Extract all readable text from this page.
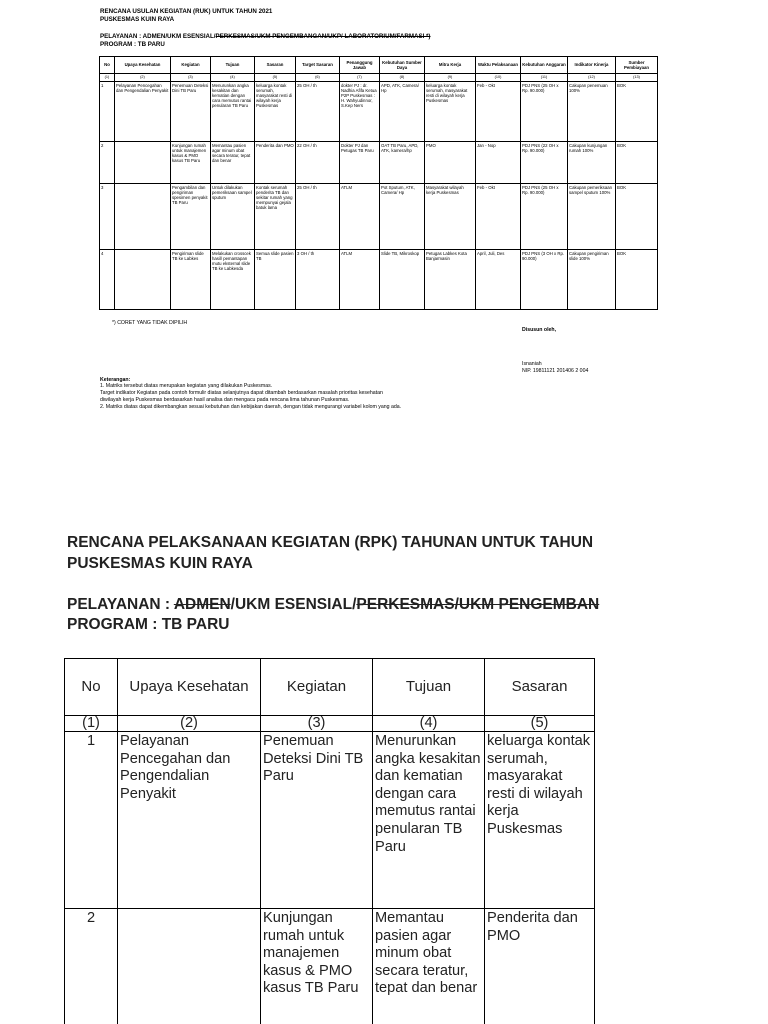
RENCANA USULAN KEGIATAN (RUK) UNTUK TAHUN 2021
PUSKESMAS KUIN RAYA
PELAYANAN : ADMEN/UKM ESENSIAL/PERKESMAS/UKM PENGEMBANGAN/UKP/ LABORATORIUM/FARMASI *)
PROGRAM : TB PARU
No	Upaya Kesehatan	Kegiatan	Tujuan	Sasaran	Target Sasaran	Penanggung Jawab	Kebutuhan Sumber Daya	Mitra Kerja	Waktu Pelaksanaan	Kebutuhan Anggaran	Indikator Kinerja	Sumber Pembiayaan
(1)	(2)	(3)	(4)	(5)	(6)	(7)	(8)	(9)	(10)	(11)	(12)	(13)
1	Pelayanan Pencegahan dan Pengendalian Penyakit	Penemuan Deteksi Dini TB Paru	Menurunkan angka kesakitan dan kematian dengan cara memutus rantai penularan TB Paru	keluarga kontak serumah, masyarakat resti di wilayah kerja Puskesmas	25 OH / th	dokter PJ : dr. Nadhia Afifa Ketua P2P Puskesmas : H. Wahyudinnor, S.Kep Ners	APD, ATK, Camera/ Hp	keluarga kontak serumah, masyarakat resti di wilayah kerja Puskesmas	Feb - Okt	PDJ PNS (25 OH x Rp. 90.000)	Cakupan penemuan 100%	BOK
2		Kunjungan rumah untuk manajemen kasus & PMO kasus TB Paru	Memantau pasien agar minum obat secara teratur, tepat dan benar	Penderita dan PMO	22 OH / th	Dokter PJ dan Petugas TB Paru	OAT TB Paru, APD, ATK, kamera/hp	PMO	Jan - Nop	PDJ PNS (22 OH x Rp. 90.000)	Cakupan kunjungan rumah 100%	BOK
3		Pengambilan dan pengiriman spesimen penyakit TB Paru	Untuk dilakukan pemeriksaan sampel sputum	Kontak serumah penderita TB dan sekitar rumah yang mempunyai gejala batuk lama	25 OH / th	ATLM	Pot Sputum, ATK, Camera/ Hp	Masyarakat wilayah kerja Puskesmas	Feb - Okt	PDJ PNS (25 OH x Rp. 90.000)	Cakupan pemeriksaan sampel sputum 100%	BOK
4		Pengiriman slide TB ke Labkes	Melakukan crosscek hasil/ pemantapan mutu eksternal slide TB ke Labkesda	Semua slide pasien TB	3 OH / th	ATLM	Slide TB, Mikroskop	Petugas Labkes Kota Banjarmasin	April, Juli, Des	PDJ PNS (3 OH x Rp. 90.000)	Cakupan pengiriman slide 100%	BOK
*) CORET YANG TIDAK DIPILIH
Disusun oleh,
Isnaniah
NIP. 19811121 201406 2 004
Keterangan:
1. Matriks tersebut diatas merupakan kegiatan yang dilakukan Puskesmas.
Target indikator Kegiatan pada contoh formulir diatas selanjutnya dapat ditambah berdasarkan masalah prioritas kesehatan
diwilayah kerja Puskesmas berdasarkan hasil analisa dan mengacu pada rencana lima tahunan Puskesmas.
2. Matriks diatas dapat dikembangkan sesuai kebutuhan dan kebijakan daerah, dengan tidak mengurangi variabel kolom yang ada.
RENCANA PELAKSANAAN KEGIATAN (RPK) TAHUNAN UNTUK TAHUN
PUSKESMAS KUIN RAYA
PELAYANAN : ADMEN/UKM ESENSIAL/PERKESMAS/UKM PENGEMBAN
PROGRAM : TB PARU
No	Upaya Kesehatan	Kegiatan	Tujuan	Sasaran
(1)	(2)	(3)	(4)	(5)
1	Pelayanan Pencegahan dan Pengendalian Penyakit	Penemuan Deteksi Dini TB Paru	Menurunkan angka kesakitan dan kematian dengan cara memutus rantai penularan TB Paru	keluarga kontak serumah, masyarakat resti di wilayah kerja Puskesmas
2		Kunjungan rumah untuk manajemen kasus & PMO kasus TB Paru	Memantau pasien agar minum obat secara teratur, tepat dan benar	Penderita dan PMO
